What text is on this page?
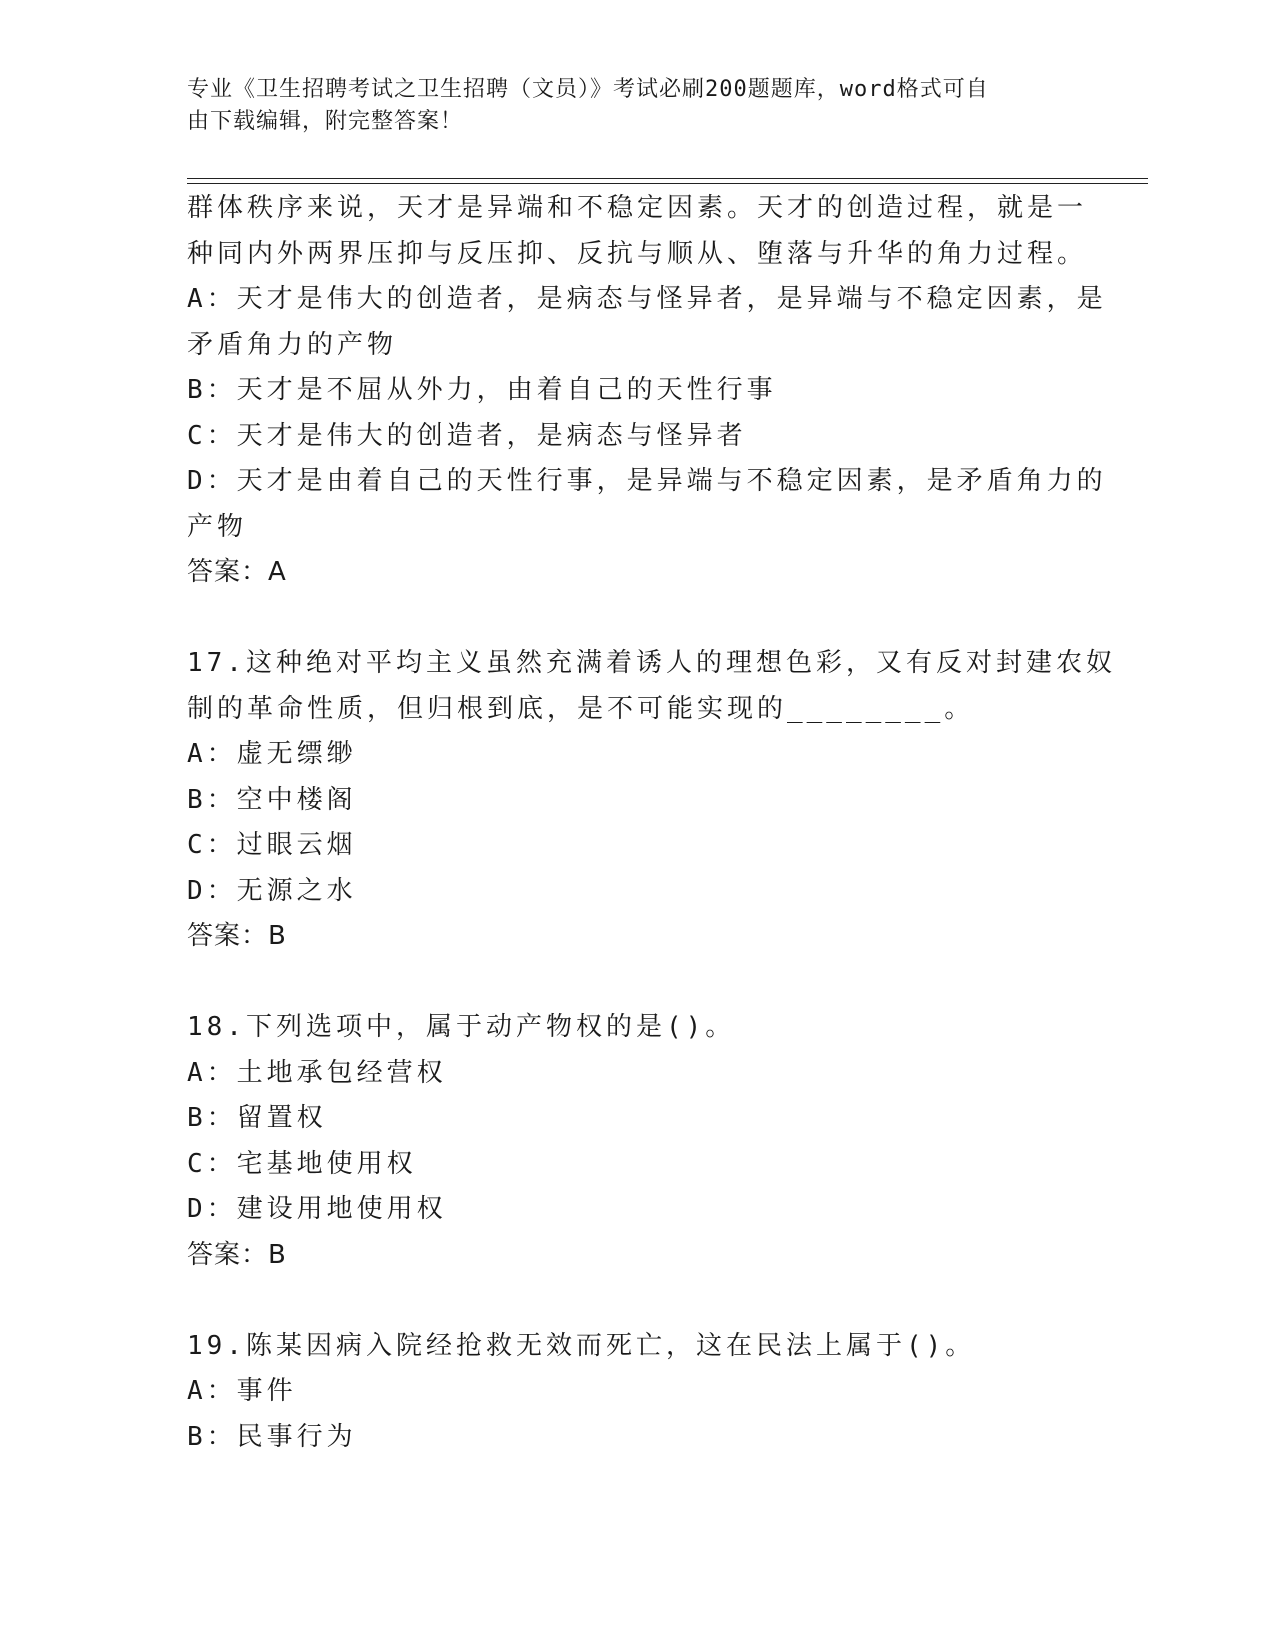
专业《卫生招聘考试之卫生招聘（文员）》考试必刷200题题库，word格式可自
由下载编辑，附完整答案！
群体秩序来说，天才是异端和不稳定因素。天才的创造过程，就是一
种同内外两界压抑与反压抑、反抗与顺从、堕落与升华的角力过程。
A：天才是伟大的创造者，是病态与怪异者，是异端与不稳定因素，是
矛盾角力的产物
B：天才是不屈从外力，由着自己的天性行事
C：天才是伟大的创造者，是病态与怪异者
D：天才是由着自己的天性行事，是异端与不稳定因素，是矛盾角力的
产物
答案：A
17.这种绝对平均主义虽然充满着诱人的理想色彩，又有反对封建农奴
制的革命性质，但归根到底，是不可能实现的________。
A：虚无缥缈
B：空中楼阁
C：过眼云烟
D：无源之水
答案：B
18.下列选项中，属于动产物权的是()。
A：土地承包经营权
B：留置权
C：宅基地使用权
D：建设用地使用权
答案：B
19.陈某因病入院经抢救无效而死亡，这在民法上属于()。
A：事件
B：民事行为
